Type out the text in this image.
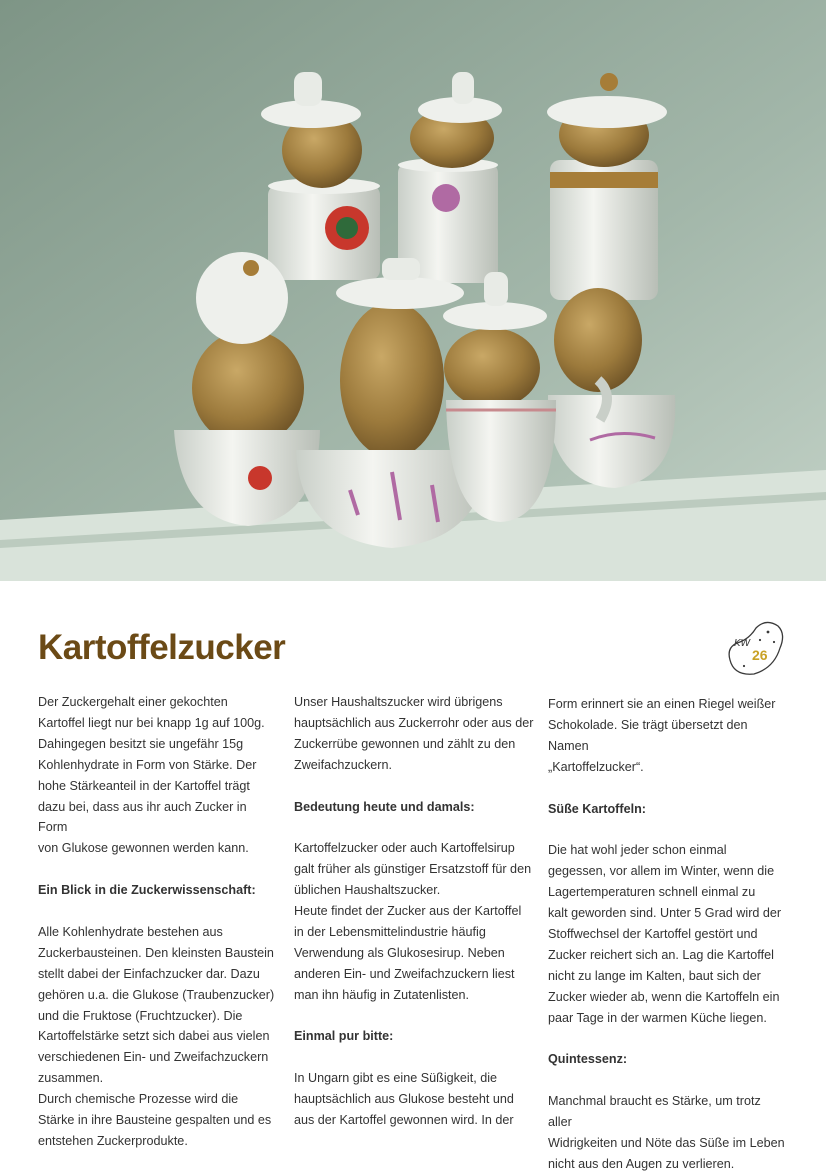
Kartoffelzucker	KW
26

Der Zuckergehalt einer gekochten
Kartoffel liegt nur bei knapp 1g auf 100g.
Dahingegen besitzt sie ungefähr 15g
Kohlenhydrate in Form von Stärke. Der
hohe Stärkeanteil in der Kartoffel trägt
dazu bei, dass aus ihr auch Zucker in Form
von Glukose gewonnen werden kann.

Ein Blick in die Zuckerwissenschaft:

Alle Kohlenhydrate bestehen aus
Zuckerbausteinen. Den kleinsten Baustein
stellt dabei der Einfachzucker dar. Dazu
gehören u.a. die Glukose (Traubenzucker)
und die Fruktose (Fruchtzucker). Die
Kartoffelstärke setzt sich dabei aus vielen
verschiedenen Ein- und Zweifachzuckern
zusammen.
Durch chemische Prozesse wird die
Stärke in ihre Bausteine gespalten und es
entstehen Zuckerprodukte.

Unser Haushaltszucker wird übrigens
hauptsächlich aus Zuckerrohr oder aus der
Zuckerrübe gewonnen und zählt zu den
Zweifachzuckern.

Bedeutung heute und damals:

Kartoffelzucker oder auch Kartoffelsirup
galt früher als günstiger Ersatzstoff für den
üblichen Haushaltszucker.
Heute findet der Zucker aus der Kartoffel
in der Lebensmittelindustrie häufig
Verwendung als Glukosesirup. Neben
anderen Ein- und Zweifachzuckern liest
man ihn häufig in Zutatenlisten.

Einmal pur bitte:

In Ungarn gibt es eine Süßigkeit, die
hauptsächlich aus Glukose besteht und
aus der Kartoffel gewonnen wird. In der

Form erinnert sie an einen Riegel weißer
Schokolade. Sie trägt übersetzt den Namen
„Kartoffelzucker“.

Süße Kartoffeln:

Die hat wohl jeder schon einmal
gegessen, vor allem im Winter, wenn die
Lagertemperaturen schnell einmal zu
kalt geworden sind. Unter 5 Grad wird der
Stoffwechsel der Kartoffel gestört und
Zucker reichert sich an. Lag die Kartoffel
nicht zu lange im Kalten, baut sich der
Zucker wieder ab, wenn die Kartoffeln ein
paar Tage in der warmen Küche liegen.

Quintessenz:

Manchmal braucht es Stärke, um trotz aller
Widrigkeiten und Nöte das Süße im Leben
nicht aus den Augen zu verlieren.
